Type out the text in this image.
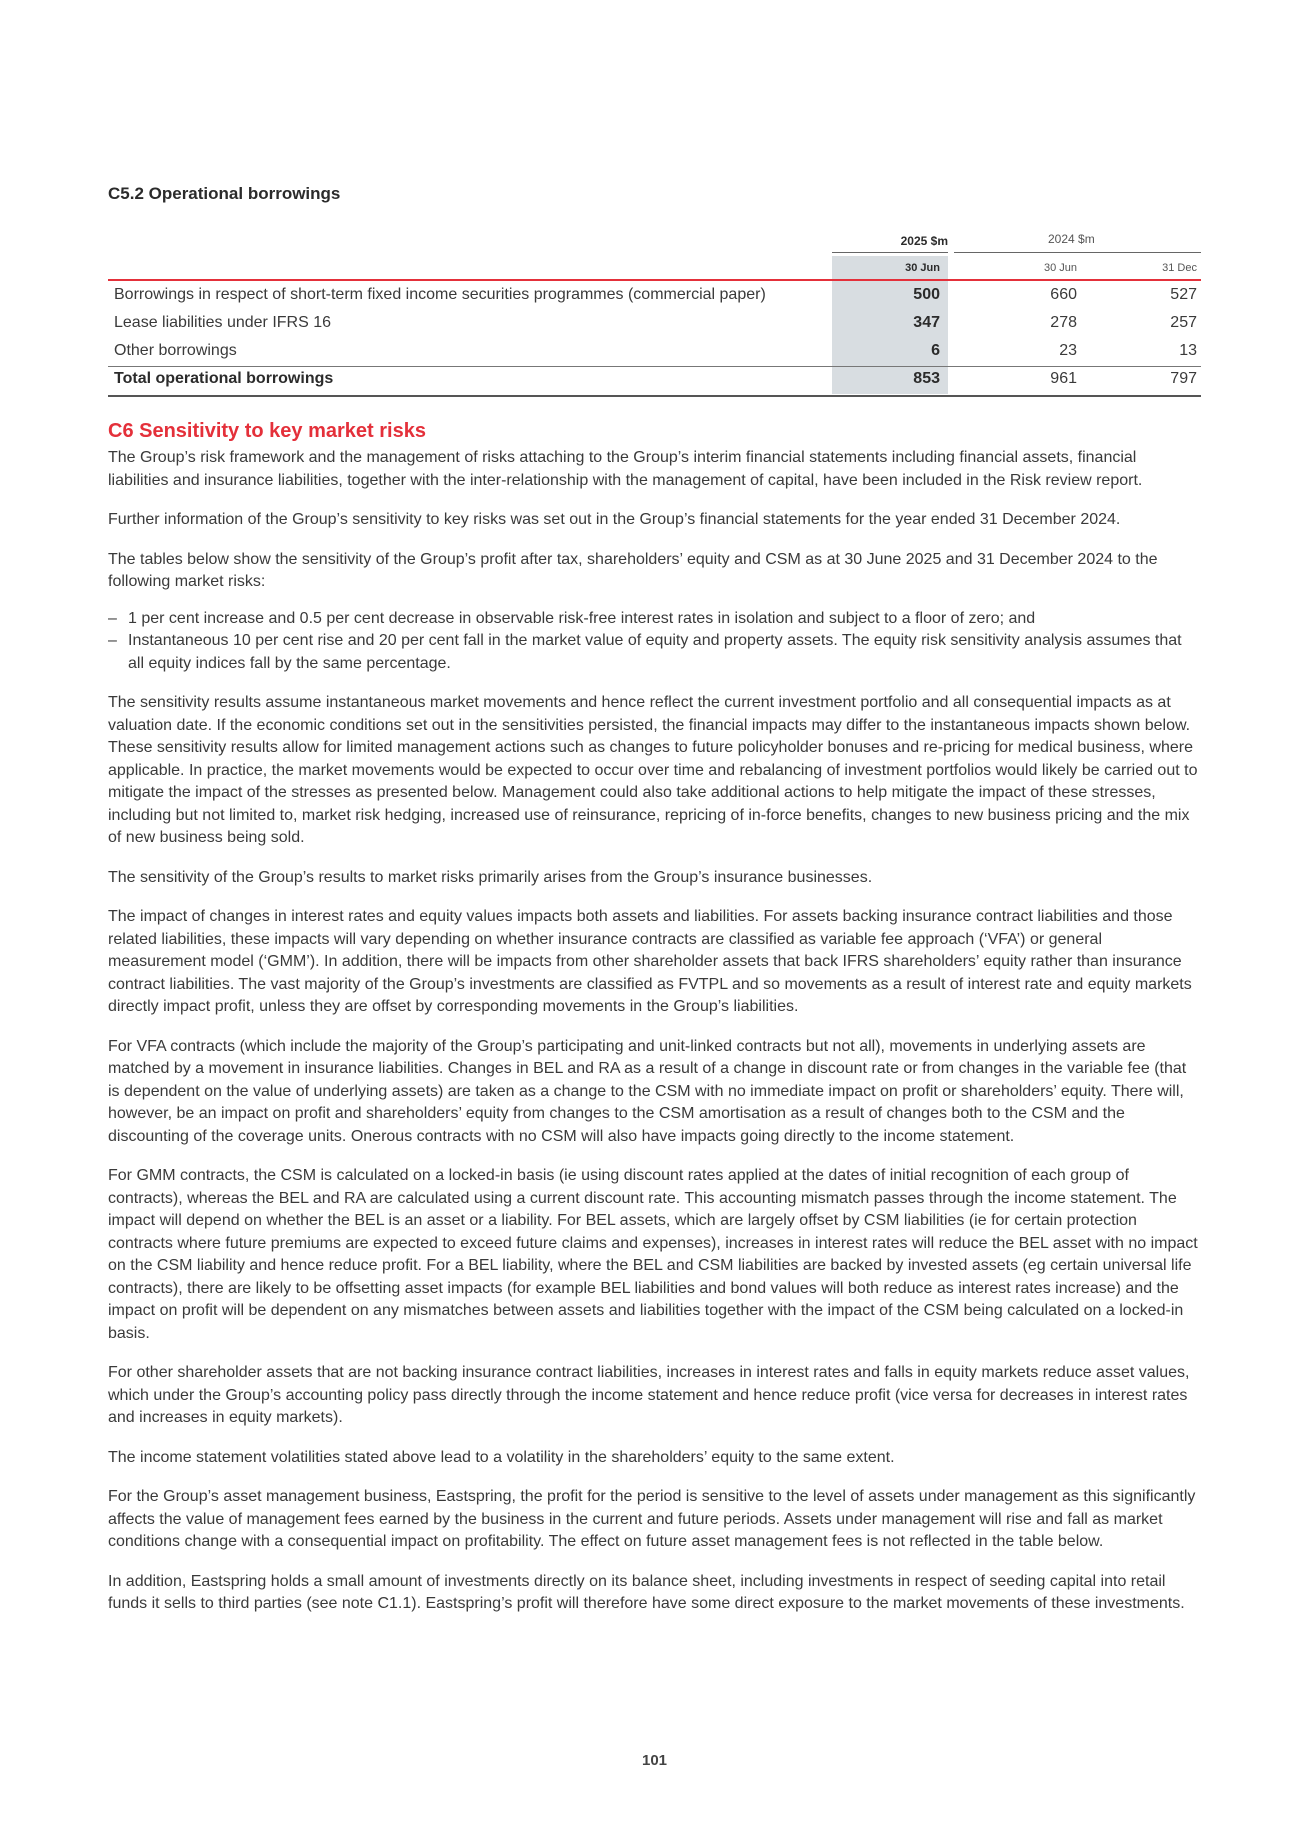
C5.2 Operational borrowings
2025 $m	2024 $m
30 Jun	30 Jun	31 Dec
Borrowings in respect of short-term fixed income securities programmes (commercial paper)	500	660	527
Lease liabilities under IFRS 16	347	278	257
Other borrowings	6	23	13
Total operational borrowings	853	961	797
C6 Sensitivity to key market risks

The Group’s risk framework and the management of risks attaching to the Group’s interim financial statements including financial assets, financial liabilities and insurance liabilities, together with the inter-relationship with the management of capital, have been included in the Risk review report.

Further information of the Group’s sensitivity to key risks was set out in the Group’s financial statements for the year ended 31 December 2024.

The tables below show the sensitivity of the Group’s profit after tax, shareholders’ equity and CSM as at 30 June 2025 and 31 December 2024 to the following market risks:

– 1 per cent increase and 0.5 per cent decrease in observable risk-free interest rates in isolation and subject to a floor of zero; and
– Instantaneous 10 per cent rise and 20 per cent fall in the market value of equity and property assets. The equity risk sensitivity analysis assumes that all equity indices fall by the same percentage.

The sensitivity results assume instantaneous market movements and hence reflect the current investment portfolio and all consequential impacts as at valuation date. If the economic conditions set out in the sensitivities persisted, the financial impacts may differ to the instantaneous impacts shown below. These sensitivity results allow for limited management actions such as changes to future policyholder bonuses and re-pricing for medical business, where applicable. In practice, the market movements would be expected to occur over time and rebalancing of investment portfolios would likely be carried out to mitigate the impact of the stresses as presented below. Management could also take additional actions to help mitigate the impact of these stresses, including but not limited to, market risk hedging, increased use of reinsurance, repricing of in-force benefits, changes to new business pricing and the mix of new business being sold.

The sensitivity of the Group’s results to market risks primarily arises from the Group’s insurance businesses.

The impact of changes in interest rates and equity values impacts both assets and liabilities. For assets backing insurance contract liabilities and those related liabilities, these impacts will vary depending on whether insurance contracts are classified as variable fee approach (‘VFA’) or general measurement model (‘GMM’). In addition, there will be impacts from other shareholder assets that back IFRS shareholders’ equity rather than insurance contract liabilities. The vast majority of the Group’s investments are classified as FVTPL and so movements as a result of interest rate and equity markets directly impact profit, unless they are offset by corresponding movements in the Group’s liabilities.

For VFA contracts (which include the majority of the Group’s participating and unit-linked contracts but not all), movements in underlying assets are matched by a movement in insurance liabilities. Changes in BEL and RA as a result of a change in discount rate or from changes in the variable fee (that is dependent on the value of underlying assets) are taken as a change to the CSM with no immediate impact on profit or shareholders’ equity. There will, however, be an impact on profit and shareholders’ equity from changes to the CSM amortisation as a result of changes both to the CSM and the discounting of the coverage units. Onerous contracts with no CSM will also have impacts going directly to the income statement.

For GMM contracts, the CSM is calculated on a locked-in basis (ie using discount rates applied at the dates of initial recognition of each group of contracts), whereas the BEL and RA are calculated using a current discount rate. This accounting mismatch passes through the income statement. The impact will depend on whether the BEL is an asset or a liability. For BEL assets, which are largely offset by CSM liabilities (ie for certain protection contracts where future premiums are expected to exceed future claims and expenses), increases in interest rates will reduce the BEL asset with no impact on the CSM liability and hence reduce profit. For a BEL liability, where the BEL and CSM liabilities are backed by invested assets (eg certain universal life contracts), there are likely to be offsetting asset impacts (for example BEL liabilities and bond values will both reduce as interest rates increase) and the impact on profit will be dependent on any mismatches between assets and liabilities together with the impact of the CSM being calculated on a locked-in basis.

For other shareholder assets that are not backing insurance contract liabilities, increases in interest rates and falls in equity markets reduce asset values, which under the Group’s accounting policy pass directly through the income statement and hence reduce profit (vice versa for decreases in interest rates and increases in equity markets).

The income statement volatilities stated above lead to a volatility in the shareholders’ equity to the same extent.

For the Group’s asset management business, Eastspring, the profit for the period is sensitive to the level of assets under management as this significantly affects the value of management fees earned by the business in the current and future periods. Assets under management will rise and fall as market conditions change with a consequential impact on profitability. The effect on future asset management fees is not reflected in the table below.

In addition, Eastspring holds a small amount of investments directly on its balance sheet, including investments in respect of seeding capital into retail funds it sells to third parties (see note C1.1). Eastspring’s profit will therefore have some direct exposure to the market movements of these investments.

101
